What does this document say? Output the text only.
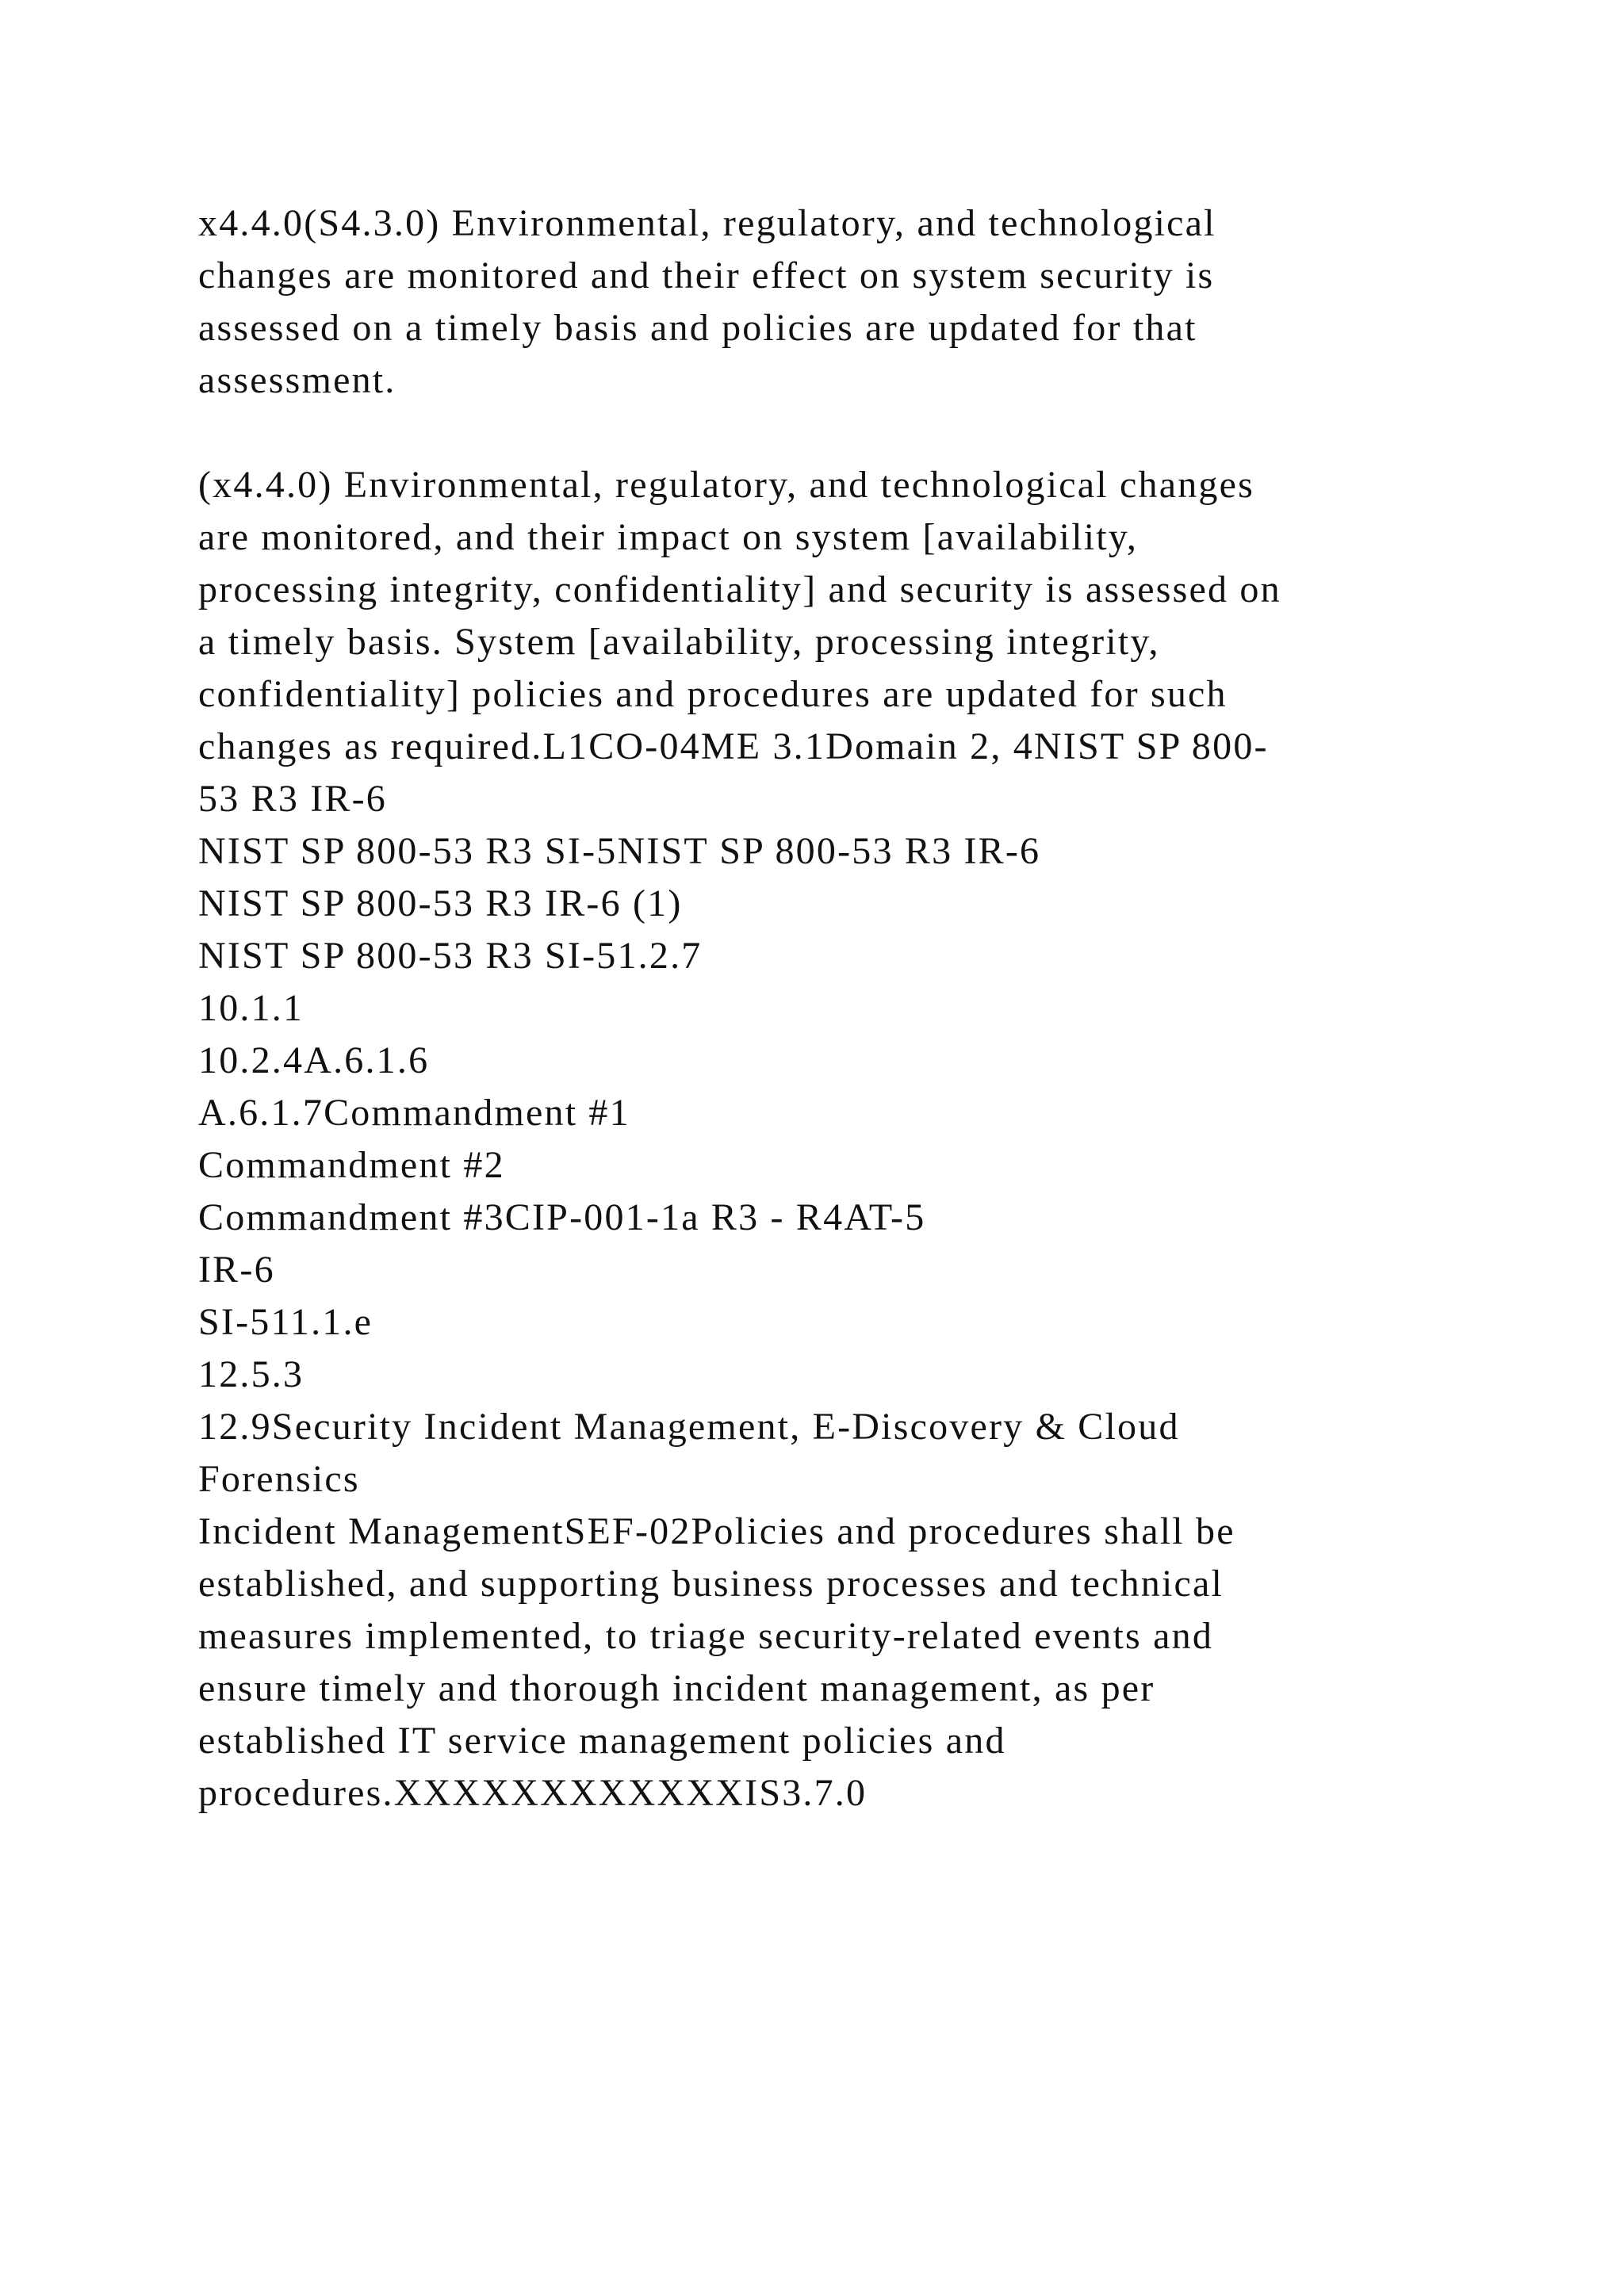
x4.4.0(S4.3.0) Environmental, regulatory, and technological
changes are monitored and their effect on system security is
assessed on a timely basis and policies are updated for that
assessment.
(x4.4.0) Environmental, regulatory, and technological changes
are monitored, and their impact on system [availability,
processing integrity, confidentiality] and security is assessed on
a timely basis. System [availability, processing integrity,
confidentiality] policies and procedures are updated for such
changes as required.L1CO-04ME 3.1Domain 2, 4NIST SP 800-
53 R3 IR-6
NIST SP 800-53 R3 SI-5NIST SP 800-53 R3 IR-6
NIST SP 800-53 R3 IR-6 (1)
NIST SP 800-53 R3 SI-51.2.7
10.1.1
10.2.4A.6.1.6
A.6.1.7Commandment #1
Commandment #2
Commandment #3CIP-001-1a R3 - R4AT-5
IR-6
SI-511.1.e
12.5.3
12.9Security Incident Management, E-Discovery & Cloud
Forensics
Incident ManagementSEF-02Policies and procedures shall be
established, and supporting business processes and technical
measures implemented, to triage security-related events and
ensure timely and thorough incident management, as per
established IT service management policies and
procedures.XXXXXXXXXXXXIS3.7.0
